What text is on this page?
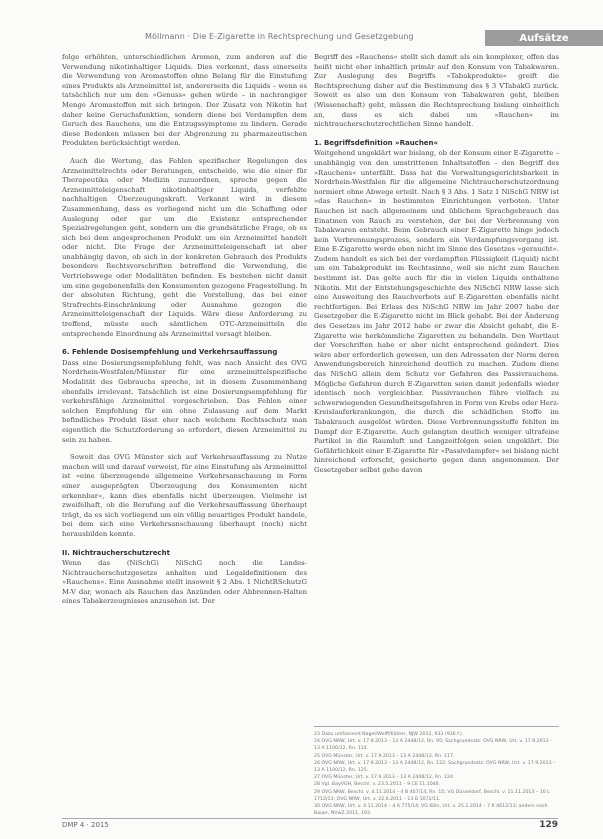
Möllmann · Die E-Zigarette in Rechtsprechung und Gesetzgebung	Aufsätze

folge erhöhten, unterschiedlichen Aromen, zum anderen auf die Verwendung nikotinhaltiger Liquids. Dies verkennt, dass einerseits die Verwendung von Aromastoffen ohne Belang für die Einstufung eines Produkts als Arzneimittel ist, andererseits die Liquids – wenn es tatsächlich nur um den »Genuss« gehen würde – in nachrangiger Menge Aromastoffen mit sich bringen. Der Zusatz von Nikotin hat daher keine Geruchsfunktion, sondern diene bei Verdampfen dem Geruch des Rauchens, um die Entzugssymptome zu lindern. Gerade diese Bedenken müssen bei der Abgrenzung zu pharmazeutischen Produkten berücksichtigt werden.

Auch die Wertung, das Fehlen spezifischer Regelungen des Arzneimittelrechts oder Beratungen, entscheide, wie die einer für Therapeutika oder Medizin zuzuordnen, spreche gegen die Arzneimitteleigenschaft nikotinhaltiger Liquids, verfehlte nachhaltigen Überzeugungskraft. Verkannt wird in diesem Zusammenhang, dass es vorliegend nicht um die Schaffung oder Auslegung oder gar um die Existenz entsprechender Spezialregelungen geht, sondern um die grundsätzliche Frage, ob es sich bei dem angesprochenen Produkt um ein Arzneimittel handelt oder nicht. Die Frage der Arzneimitteleigenschaft ist aber unabhängig davon, ob sich in der konkreten Gebrauch des Produkts besondere Rechtsvorschriften betreffend die Verwendung, die Vertriebswege oder Modalitäten befinden. Es bestehen nicht damit um eine gegebenenfalls den Konsumenten gezogene Fragestellung. In der absoluten Richtung, geht die Vorstellung, das bei einer Strafrechts-Einschränkung oder Ausnahme gezogen die Arzneimitteleigenschaft der Liquids. Wäre diese Anforderung zu treffend, müsste auch sämtlichen OTC-Arzneimitteln die entsprechende Einordnung als Arzneimittel versagt bleiben.

6. Fehlende Dosisempfehlung und Verkehrsauffassung

Dass eine Dosierungsempfehlung fehlt, was nach Ansicht des OVG Nordrhein-Westfalen/Münster für eine arzneimittelspezifische Modalität des Gebrauchs spreche, ist in diesem Zusammenhang ebenfalls irrelevant. Tatsächlich ist eine Dosierungsempfehlung für verkehrsfähige Arzneimittel vorgeschrieben. Das Fehlen einer solchen Empfehlung für ein ohne Zulassung auf dem Markt befindliches Produkt lässt eher nach welchem Rechtsschutz man eigentlich die Schutzforderung so erfordert, diesen Arzneimittel zu sein zu haben.

Soweit das OVG Münster sich auf Verkehrsauffassung zu Nutze machen will und darauf verweist, für eine Einstufung als Arzneimittel ist »eine überzeugende allgemeine Verkehrsanschauung in Form einer ausgeprägten Überzeugung des Konsumenten nicht erkennbar«, kann dies ebenfalls nicht überzeugen. Vielmehr ist zweifelhaft, ob die Berufung auf die Verkehrsauffassung überhaupt trägt, da es sich vorliegend um ein völlig neuartiges Produkt handele, bei dem sich eine Verkehrsanschauung überhaupt (noch) nicht herausbilden konnte.

II. Nichtraucherschutzrecht

Wenn das (NiSchG) NiSchG noch die Landes-Nichtraucherschutzgesetze anhalten und Legaldefinitionen des »Rauchens«. Eine Ausnahme stellt insoweit § 2 Abs. 1 NichtRSchutzG M-V dar, wonach als Rauchen das Anzünden oder Abbrennen-Halten eines Tabakerzeugnisses anzusehen ist. Der

Begriff des »Rauchens« stellt sich damit als ein komplexer, offen das heißt nicht eher inhaltlich primär auf den Konsum von Tabakwaren. Zur Auslegung des Begriffs »Tabakprodukte« greift die Rechtsprechung daher auf die Bestimmung des § 3 VTabakG zurück. Soweit es also um den Konsum von Tabakwaren geht, bleiben (Wissenschaft) geht, müssen die Rechtsprechung bislang einheitlich an, dass es sich dabei um »Rauchen« im nichtraucherschutzrechtlichen Sinne handelt.

1. Begriffsdefinition »Rauchen«

Weitgehend ungeklärt war bislang, ob der Konsum einer E-Zigarette – unabhängig von den umstrittenen Inhaltsstoffen – den Begriff des »Rauchens« unterfällt. Dass hat die Verwaltungsgerichtsbarkeit in Nordrhein-Westfalen für die allgemeine Nichtraucherschutzordnung normiert ohne Abwege erteilt. Nach § 3 Abs. 1 Satz 1 NiSchG NRW ist »das Rauchen« in bestimmten Einrichtungen verboten. Unter Rauchen ist nach allgemeinem und üblichem Sprachgebrauch das Einatmen von Rauch zu verstehen, der bei der Verbrennung von Tabakwaren entsteht. Beim Gebrauch einer E-Zigarette hinge jedoch kein Verbrennungsprozess, sondern ein Verdampfungsvorgang ist. Eine E-Zigarette werde eben nicht im Sinne des Gesetzes »geraucht«. Zudem handelt es sich bei der verdampften Flüssigkeit (Liquid) nicht um ein Tabakprodukt im Rechtssinne, weil sie nicht zum Rauchen bestimmt ist. Das gelte auch für die in vielen Liquids enthaltene Nikotin. Mit der Entstehungsgeschichte des NiSchG NRW lasse sich eine Ausweitung des Rauchverbots auf E-Zigaretten ebenfalls nicht rechtfertigen. Bei Erlass des NiSchG NRW im Jahr 2007 habe der Gesetzgeber die E-Zigarette nicht im Blick gehabt. Bei der Änderung des Gesetzes im Jahr 2012 habe er zwar die Absicht gehabt, die E-Zigarette wie herkömmliche Zigaretten zu behandeln. Den Wortlaut der Vorschriften habe er aber nicht entsprechend geändert. Dies wäre aber erforderlich gewesen, um den Adressaten der Norm deren Anwendungsbereich hinreichend deutlich zu machen. Zudem diene das NiSchG allein dem Schutz vor Gefahren des Passivrauchens. Mögliche Gefahren durch E-Zigaretten seien damit jedenfalls wieder identisch noch vergleichbar. Passivrauchen führe vielfach zu schwerwiegenden Gesundheitsgefahren in Form von Krebs oder Herz-Kreislauferkrankungen, die durch die schädlichen Stoffe im Tabakrauch ausgelöst würden. Diese Verbrennungsstoffe fehlten im Dampf der E-Zigarette. Auch gelangten deutlich weniger ultrafeine Partikel in die Raumluft und Langzeitfolgen seien ungeklärt. Die Gefährlichkeit einer E-Zigarette für »Passivdampfer« sei bislang nicht hinreichend erforscht, gesicherte gegen dann angenommen. Der Gesetzgeber selbst gehe davon

23 Dazu umfassend Nagel/Wolff/Kähler, NJW 2012, 933 (936 f.).

24 OVG NRW, Urt. v. 17.9.2013 – 13 A 2448/12, Rn. 95; Sachgrundsatz: OVG NRW, Urt. v. 17.9.2013 – 13 A 1100/12, Rn. 114.

25 OVG Münster, Urt. v. 17.9.2013 – 13 A 2448/12, Rn. 117.

26 OVG NRW, Urt. v. 17.9.2013 – 13 A 2448/12, Rn. 122; Sachgrundsatz: OVG NRW, Urt. v. 17.9.2013 – 13 A 1100/12, Rn. 125.

27 OVG Münster, Urt. v. 17.9.2013 – 13 A 2448/12, Rn. 124.

28 Vgl. BayVGH, Beschl. v. 23.5.2011 – 9 CE 11.1046.

29 OVG NRW, Beschl. v. 4.11.2014 – 4 B 467/14, Rn. 15; VG Düsseldorf, Beschl. v. 11.11.2013 – 16 L 1712/13; OVG NRW, Urt. v. 22.6.2011 – 13 B 1072/11.

30 OVG NRW, Urt. v. 4.11.2014 – 4 A 775/14; VG Köln, Urt. v. 25.2.2014 – 7 K 4612/13; anders noch Bauer, NVwZ 2011, 193.

DMP 4 · 2015	129
